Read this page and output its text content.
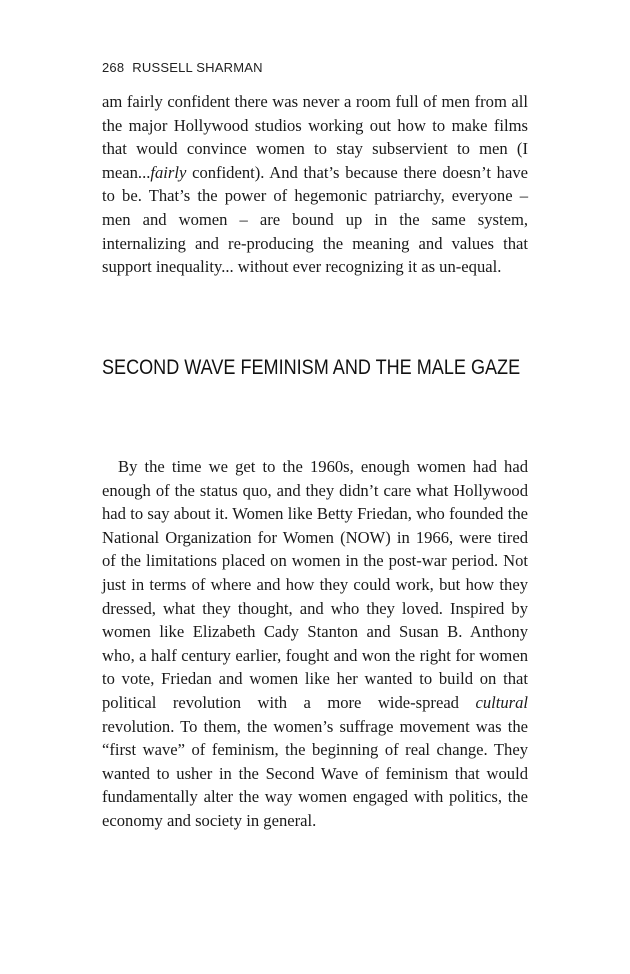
268 RUSSELL SHARMAN

am fairly confident there was never a room full of men from all the major Hollywood studios working out how to make films that would convince women to stay subservient to men (I mean...fairly confident). And that’s because there doesn’t have to be. That’s the power of hegemonic patriarchy, everyone – men and women – are bound up in the same system, internalizing and re-producing the meaning and values that support inequality... without ever recognizing it as un-equal.

SECOND WAVE FEMINISM AND THE MALE GAZE

By the time we get to the 1960s, enough women had had enough of the status quo, and they didn’t care what Hollywood had to say about it. Women like Betty Friedan, who founded the National Organization for Women (NOW) in 1966, were tired of the limitations placed on women in the post-war period. Not just in terms of where and how they could work, but how they dressed, what they thought, and who they loved. Inspired by women like Elizabeth Cady Stanton and Susan B. Anthony who, a half century earlier, fought and won the right for women to vote, Friedan and women like her wanted to build on that political revolution with a more wide-spread cultural revolution. To them, the women’s suffrage movement was the “first wave” of feminism, the beginning of real change. They wanted to usher in the Second Wave of feminism that would fundamentally alter the way women engaged with politics, the economy and society in general.
